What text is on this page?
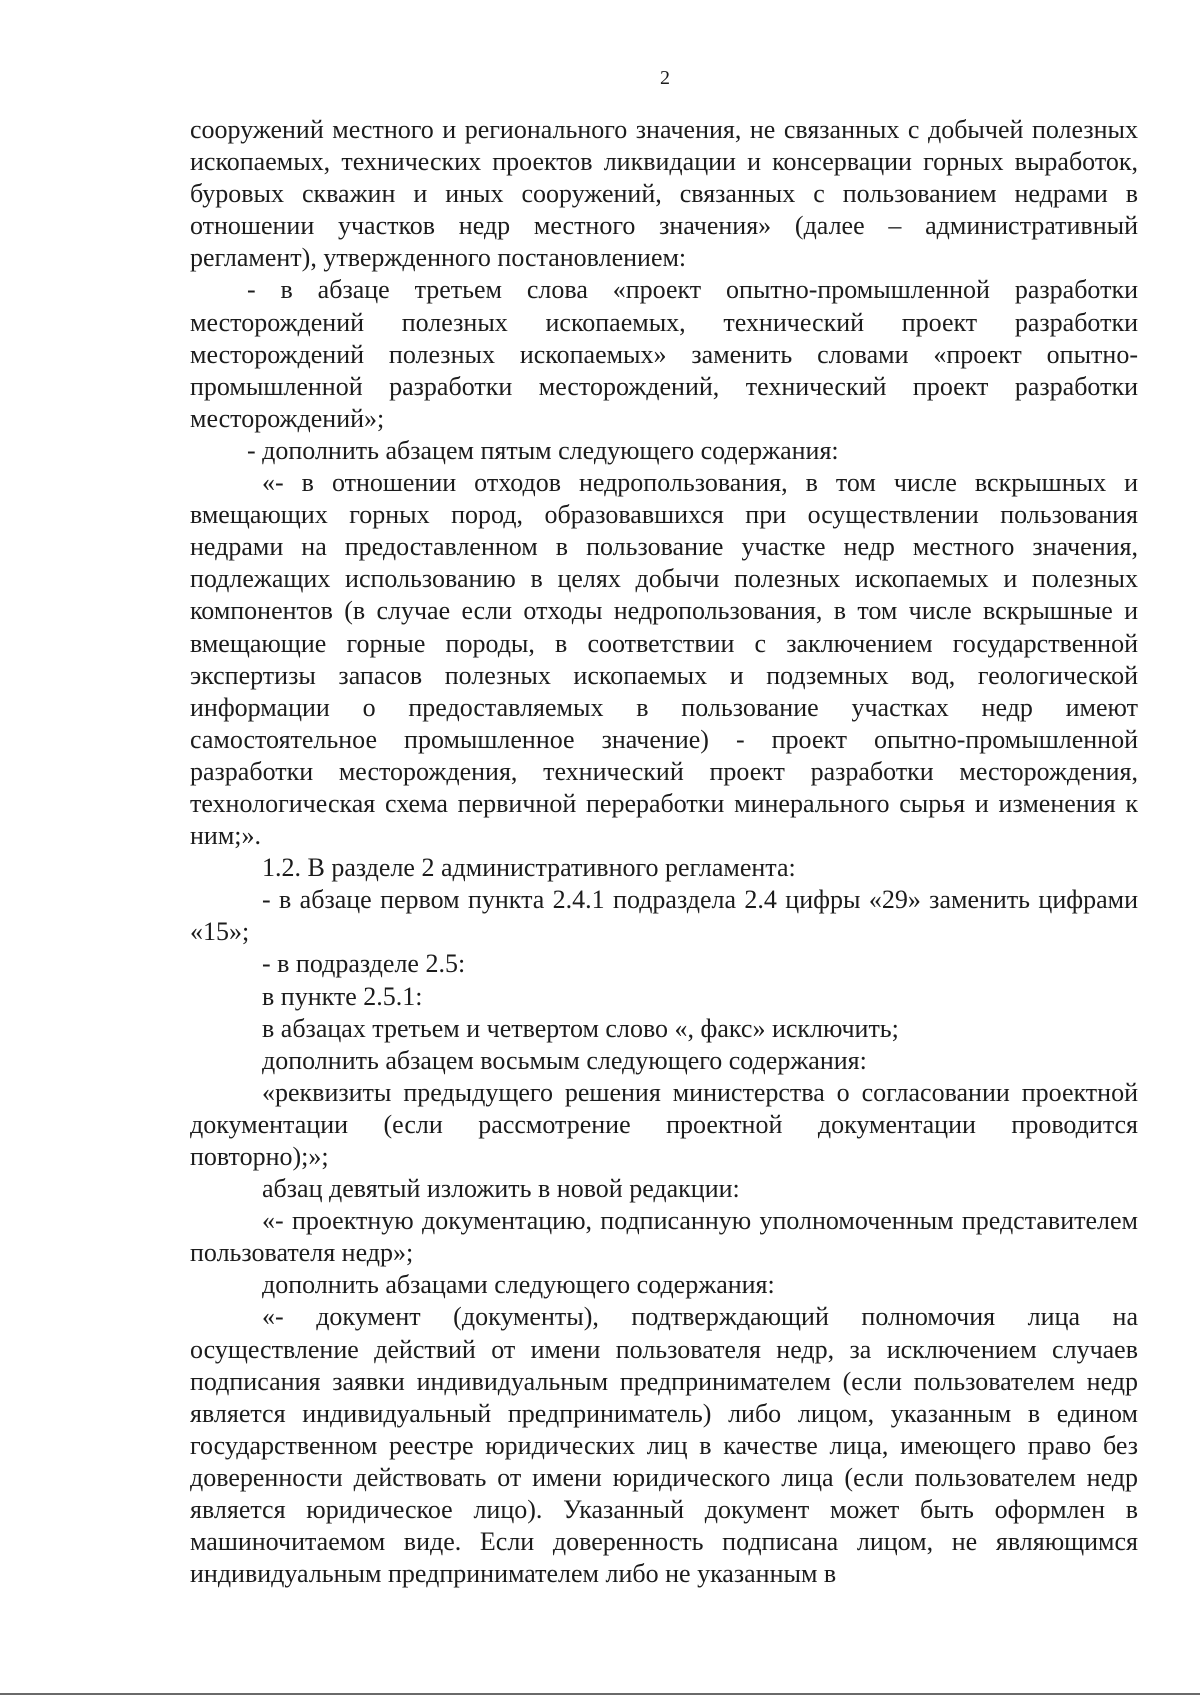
2

сооружений местного и регионального значения, не связанных с добычей полезных ископаемых, технических проектов ликвидации и консервации горных выработок, буровых скважин и иных сооружений, связанных с пользованием недрами в отношении участков недр местного значения» (далее – административный регламент), утвержденного постановлением:

- в абзаце третьем слова «проект опытно-промышленной разработки месторождений полезных ископаемых, технический проект разработки месторождений полезных ископаемых» заменить словами «проект опытно-промышленной разработки месторождений, технический проект разработки месторождений»;

- дополнить абзацем пятым следующего содержания:

«- в отношении отходов недропользования, в том числе вскрышных и вмещающих горных пород, образовавшихся при осуществлении пользования недрами на предоставленном в пользование участке недр местного значения, подлежащих использованию в целях добычи полезных ископаемых и полезных компонентов (в случае если отходы недропользования, в том числе вскрышные и вмещающие горные породы, в соответствии с заключением государственной экспертизы запасов полезных ископаемых и подземных вод, геологической информации о предоставляемых в пользование участках недр имеют самостоятельное промышленное значение) - проект опытно-промышленной разработки месторождения, технический проект разработки месторождения, технологическая схема первичной переработки минерального сырья и изменения к ним;».

1.2. В разделе 2 административного регламента:

- в абзаце первом пункта 2.4.1 подраздела 2.4 цифры «29» заменить цифрами «15»;

- в подразделе 2.5:

в пункте 2.5.1:

в абзацах третьем и четвертом слово «, факс» исключить;

дополнить абзацем восьмым следующего содержания:

«реквизиты предыдущего решения министерства о согласовании проектной документации (если рассмотрение проектной документации проводится повторно);»;

абзац девятый изложить в новой редакции:

«- проектную документацию, подписанную уполномоченным представителем пользователя недр»;

дополнить абзацами следующего содержания:

«- документ (документы), подтверждающий полномочия лица на осуществление действий от имени пользователя недр, за исключением случаев подписания заявки индивидуальным предпринимателем (если пользователем недр является индивидуальный предприниматель) либо лицом, указанным в едином государственном реестре юридических лиц в качестве лица, имеющего право без доверенности действовать от имени юридического лица (если пользователем недр является юридическое лицо). Указанный документ может быть оформлен в машиночитаемом виде. Если доверенность подписана лицом, не являющимся индивидуальным предпринимателем либо не указанным в
